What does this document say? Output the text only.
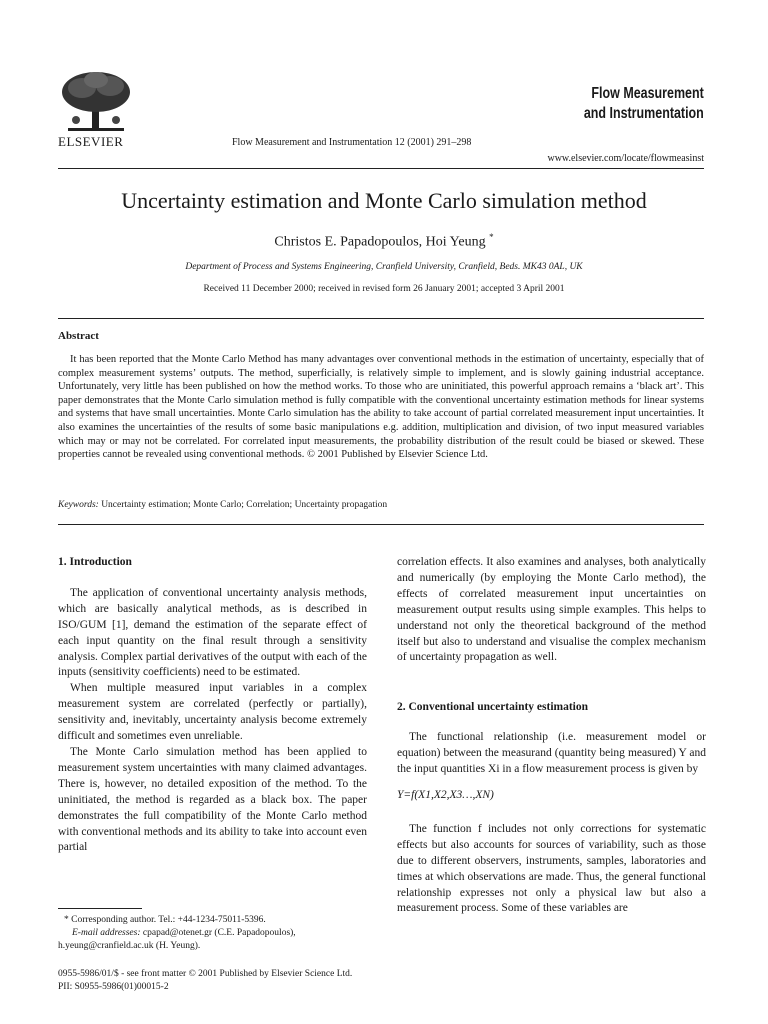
ELSEVIER	Flow Measurement and Instrumentation 12 (2001) 291–298
Flow Measurement
and Instrumentation
www.elsevier.com/locate/flowmeasinst
Uncertainty estimation and Monte Carlo simulation method
Christos E. Papadopoulos, Hoi Yeung *
Department of Process and Systems Engineering, Cranfield University, Cranfield, Beds. MK43 0AL, UK
Received 11 December 2000; received in revised form 26 January 2001; accepted 3 April 2001
Abstract

It has been reported that the Monte Carlo Method has many advantages over conventional methods in the estimation of uncertainty, especially that of complex measurement systems’ outputs. The method, superficially, is relatively simple to implement, and is slowly gaining industrial acceptance. Unfortunately, very little has been published on how the method works. To those who are uninitiated, this powerful approach remains a ‘black art’. This paper demonstrates that the Monte Carlo simulation method is fully compatible with the conventional uncertainty estimation methods for linear systems and systems that have small uncertainties. Monte Carlo simulation has the ability to take account of partial correlated measurement input uncertainties. It also examines the uncertainties of the results of some basic manipulations e.g. addition, multiplication and division, of two input measured variables which may or may not be correlated. For correlated input measurements, the probability distribution of the result could be biased or skewed. These properties cannot be revealed using conventional methods. © 2001 Published by Elsevier Science Ltd.

Keywords: Uncertainty estimation; Monte Carlo; Correlation; Uncertainty propagation
1. Introduction

The application of conventional uncertainty analysis methods, which are basically analytical methods, as is described in ISO/GUM [1], demand the estimation of the separate effect of each input quantity on the final result through a sensitivity analysis. Complex partial derivatives of the output with each of the inputs (sensitivity coefficients) need to be estimated.

When multiple measured input variables in a complex measurement system are correlated (perfectly or partially), sensitivity and, inevitably, uncertainty analysis become extremely difficult and sometimes even unreliable.

The Monte Carlo simulation method has been applied to measurement system uncertainties with many claimed advantages. There is, however, no detailed exposition of the method. To the uninitiated, the method is regarded as a black box. The paper demonstrates the full compatibility of the Monte Carlo method with conventional methods and its ability to take into account even partial

correlation effects. It also examines and analyses, both analytically and numerically (by employing the Monte Carlo method), the effects of correlated measurement input uncertainties on measurement output results using simple examples. This helps to understand not only the theoretical background of the method itself but also to understand and visualise the complex mechanism of uncertainty propagation as well.

2. Conventional uncertainty estimation

The functional relationship (i.e. measurement model or equation) between the measurand (quantity being measured) Y and the input quantities Xi in a flow measurement process is given by

Y=f(X1,X2,X3…,XN)

The function f includes not only corrections for systematic effects but also accounts for sources of variability, such as those due to different observers, instruments, samples, laboratories and times at which observations are made. Thus, the general functional relationship expresses not only a physical law but also a measurement process. Some of these variables are

* Corresponding author. Tel.: +44-1234-75011-5396.

E-mail addresses: cpapad@otenet.gr (C.E. Papadopoulos),

h.yeung@cranfield.ac.uk (H. Yeung).

0955-5986/01/$ - see front matter © 2001 Published by Elsevier Science Ltd.

PII: S0955-5986(01)00015-2
